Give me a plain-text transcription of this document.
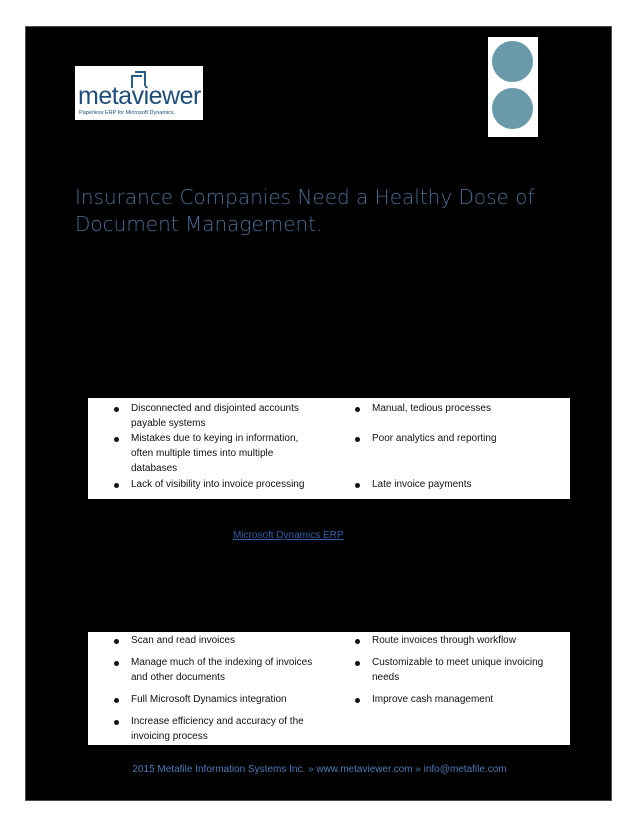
metaviewer
Paperless ERP for Microsoft Dynamics.
Insurance Companies Need a Healthy Dose of Document Management.
Disconnected and disjointed accounts payable systems
Mistakes due to keying in information, often multiple times into multiple databases
Lack of visibility into invoice processing
Manual, tedious processes
Poor analytics and reporting
Late invoice payments
Microsoft Dynamics ERP
Scan and read invoices
Manage much of the indexing of invoices and other documents
Full Microsoft Dynamics integration
Increase efficiency and accuracy of the invoicing process
Route invoices through workflow
Customizable to meet unique invoicing needs
Improve cash management
2015 Metafile Information Systems Inc. » www.metaviewer.com » info@metafile.com
